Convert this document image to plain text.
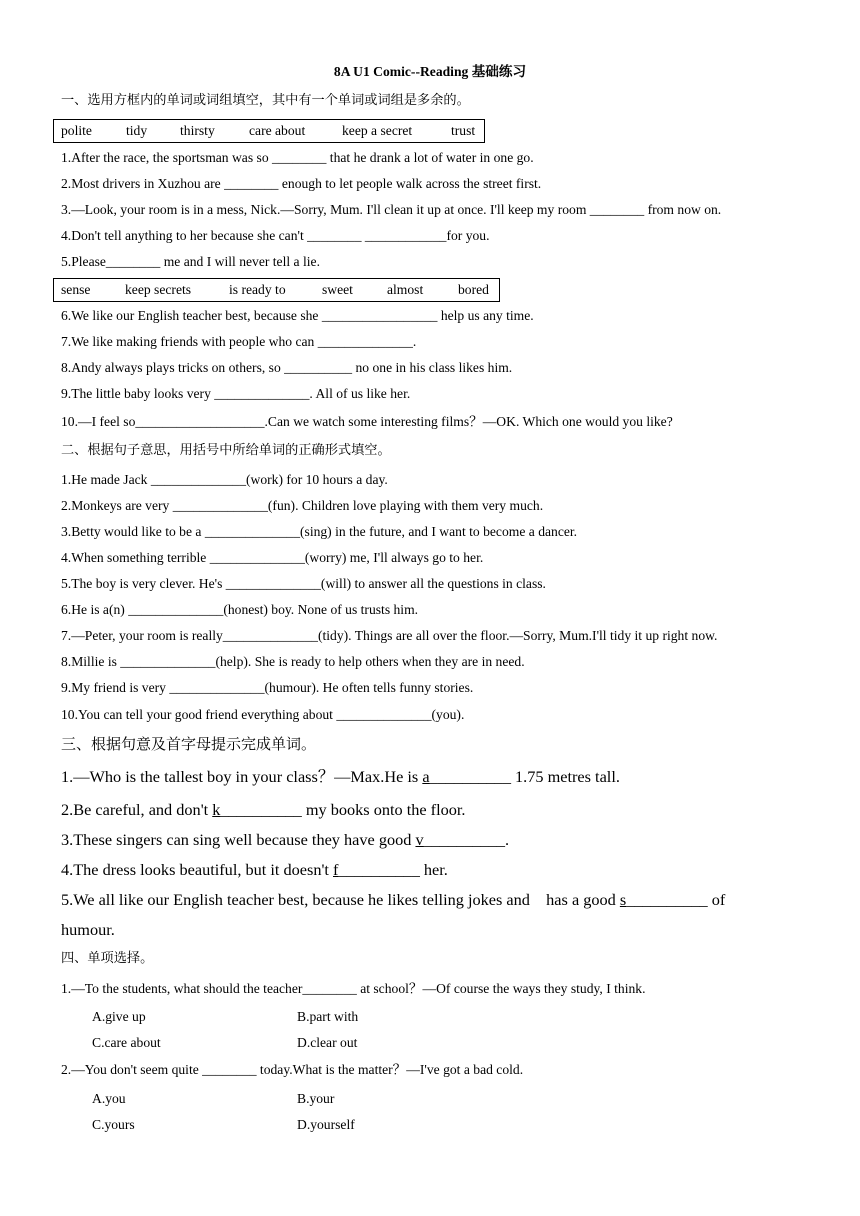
8A U1 Comic--Reading 基础练习
一、选用方框内的单词或词组填空，其中有一个单词或词组是多余的。
polite	tidy thirsty	care about	keep a secret	trust
1.After the race, the sportsman was so ________ that he drank a lot of water in one go.
2.Most drivers in Xuzhou are ________ enough to let people walk across the street first.
3.—Look, your room is in a mess, Nick.—Sorry, Mum. I'll clean it up at once. I'll keep my room ________ from now on.
4.Don't tell anything to her because she can't ________ ____________for you.
5.Please________ me and I will never tell a lie.
sense	keep secrets	is ready to	sweet	almost	bored
6.We like our English teacher best, because she _________________ help us any time.
7.We like making friends with people who can ______________.
8.Andy always plays tricks on others, so __________ no one in his class likes him.
9.The little baby looks very ______________. All of us like her.
10.—I feel so___________________.Can we watch some interesting films？—OK. Which one would you like?
二、根据句子意思，用括号中所给单词的正确形式填空。
1.He made Jack ______________(work) for 10 hours a day.
2.Monkeys are very ______________(fun). Children love playing with them very much.
3.Betty would like to be a ______________(sing) in the future, and I want to become a dancer.
4.When something terrible ______________(worry) me, I'll always go to her.
5.The boy is very clever. He's ______________(will) to answer all the questions in class.
6.He is a(n) ______________(honest) boy. None of us trusts him.
7.—Peter, your room is really______________(tidy). Things are all over the floor.—Sorry, Mum.I'll tidy it up right now.
8.Millie is ______________(help). She is ready to help others when they are in need.
9.My friend is very ______________(humour). He often tells funny stories.
10.You can tell your good friend everything about ______________(you).
三、根据句意及首字母提示完成单词。
1.—Who is the tallest boy in your class？—Max.He is a__________ 1.75 metres tall.
2.Be careful, and don't k__________ my books onto the floor.
3.These singers can sing well because they have good v__________.
4.The dress looks beautiful, but it doesn't f__________ her.
5.We all like our English teacher best, because he likes telling jokes and    has a good s__________ of
humour.
四、单项选择。
1.—To the students, what should the teacher________ at school？—Of course the ways they study, I think.
A.give up	B.part with
C.care about	D.clear out
2.—You don't seem quite ________ today.What is the matter？—I've got a bad cold.
A.you	B.your
C.yours	D.yourself
